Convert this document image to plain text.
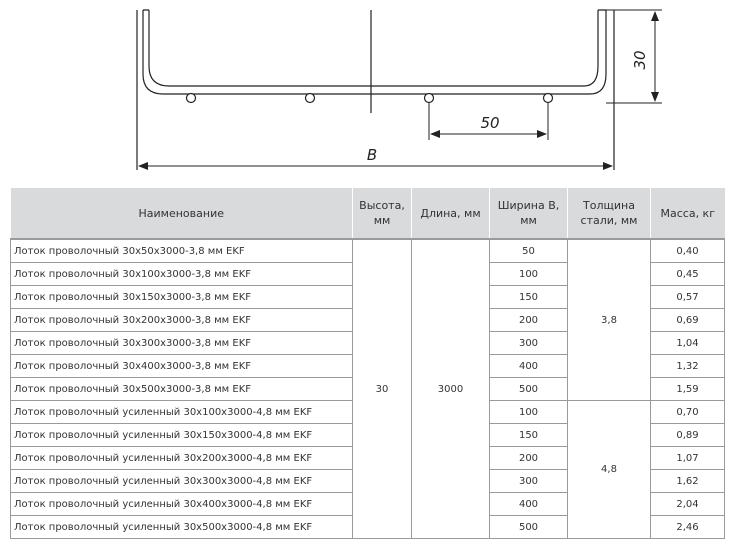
30
50
B
Наименование	Высота, мм	Длина, мм	Ширина B, мм	Толщина стали, мм	Масса, кг
Лоток проволочный 30х50х3000-3,8 мм EKF	30	3000	50	3,8	0,40
Лоток проволочный 30х100х3000-3,8 мм EKF			100		0,45
Лоток проволочный 30х150х3000-3,8 мм EKF			150		0,57
Лоток проволочный 30х200х3000-3,8 мм EKF			200		0,69
Лоток проволочный 30х300х3000-3,8 мм EKF			300		1,04
Лоток проволочный 30х400х3000-3,8 мм EKF			400		1,32
Лоток проволочный 30х500х3000-3,8 мм EKF			500		1,59
Лоток проволочный усиленный 30х100х3000-4,8 мм EKF			100	4,8	0,70
Лоток проволочный усиленный 30х150х3000-4,8 мм EKF			150		0,89
Лоток проволочный усиленный 30х200х3000-4,8 мм EKF			200		1,07
Лоток проволочный усиленный 30х300х3000-4,8 мм EKF			300		1,62
Лоток проволочный усиленный 30х400х3000-4,8 мм EKF			400		2,04
Лоток проволочный усиленный 30х500х3000-4,8 мм EKF			500		2,46
